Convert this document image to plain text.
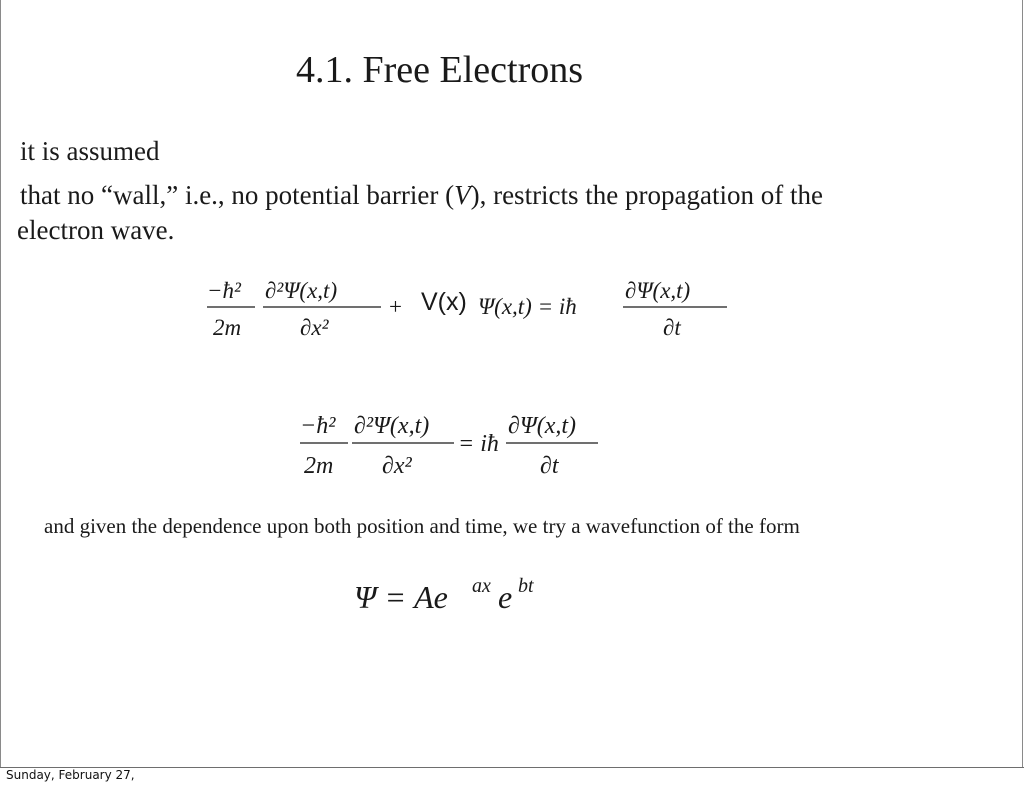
4.1. Free Electrons
it is assumed
that no “wall,” i.e., no potential barrier (V), restricts the propagation of the
electron wave.
−ħ²
2m
∂²Ψ(x,t)
∂x²
+ V(x) Ψ(x,t) = iħ
∂Ψ(x,t)
∂t
−ħ²
2m
∂²Ψ(x,t)
∂x²
= iħ
∂Ψ(x,t)
∂t
and given the dependence upon both position and time, we try a wavefunction of the form
Ψ = Ae ax e bt
Sunday, February 27,
